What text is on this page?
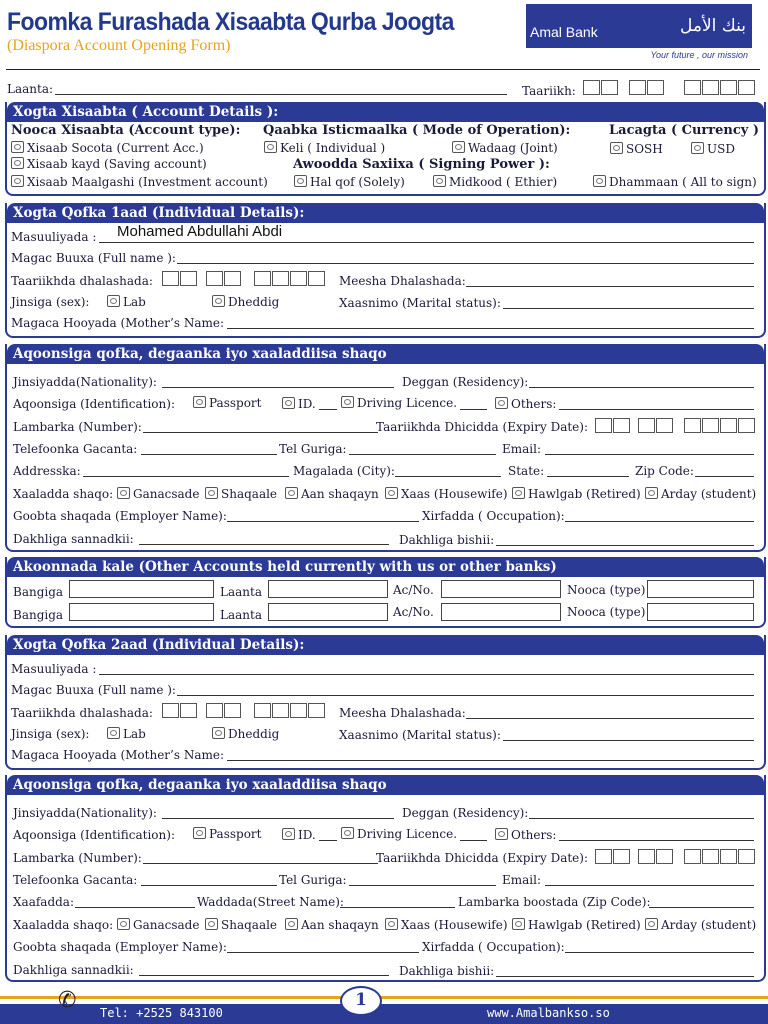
Foomka Furashada Xisaabta Qurba Joogta
(Diaspora Account Opening Form)
Amal Bank	بنك الأمل
Your future , our mission
Laanta:	Taariikh:
Xogta Xisaabta ( Account Details ):
Nooca Xisaabta (Account type):
Xisaab Socota (Current Acc.)
Xisaab kayd (Saving account)
Xisaab Maalgashi (Investment account)
Qaabka Isticmaalka ( Mode of Operation):
Keli ( Individual )	Wadaag (Joint)
Awoodda Saxiixa ( Signing Power ):
Hal qof (Solely)	Midkood ( Ethier)	Dhammaan ( All to sign)
Lacagta ( Currency )
SOSH	USD
Xogta Qofka 1aad (Individual Details):
Masuuliyada : Mohamed Abdullahi Abdi
Magac Buuxa (Full name ):
Taariikhda dhalashada:	Meesha Dhalashada:
Jinsiga (sex):	Lab	Dheddig	Xaasnimo (Marital status):
Magaca Hooyada (Mother’s Name:
Aqoonsiga qofka, degaanka iyo xaaladdiisa shaqo
Jinsiyadda(Nationality):	Deggan (Residency):
Aqoonsiga (Identification):	Passport	ID.	Driving Licence.	Others:
Lambarka (Number):	Taariikhda Dhicidda (Expiry Date):
Telefoonka Gacanta:	Tel Guriga:	Email:
Addresska:	Magalada (City):	State:	Zip Code:
Xaaladda shaqo:	Ganacsade	Shaqaale	Aan shaqayn	Xaas (Housewife)	Hawlgab (Retired)	Arday (student)
Goobta shaqada (Employer Name):	Xirfadda ( Occupation):
Dakhliga sannadkii:	Dakhliga bishii:
Akoonnada kale (Other Accounts held currently with us or other banks)
Bangiga	Laanta	Ac/No.	Nooca (type)
Bangiga	Laanta	Ac/No.	Nooca (type)
Xogta Qofka 2aad (Individual Details):
Masuuliyada :
Magac Buuxa (Full name ):
Taariikhda dhalashada:	Meesha Dhalashada:
Jinsiga (sex):	Lab	Dheddig	Xaasnimo (Marital status):
Magaca Hooyada (Mother’s Name:
Aqoonsiga qofka, degaanka iyo xaaladdiisa shaqo
Jinsiyadda(Nationality):	Deggan (Residency):
Aqoonsiga (Identification):	Passport	ID.	Driving Licence.	Others:
Lambarka (Number):	Taariikhda Dhicidda (Expiry Date):
Telefoonka Gacanta:	Tel Guriga:	Email:
Xaafadda:	Waddada(Street Name):	Lambarka boostada (Zip Code):
Xaaladda shaqo:	Ganacsade	Shaqaale	Aan shaqayn	Xaas (Housewife)	Hawlgab (Retired)	Arday (student)
Goobta shaqada (Employer Name):	Xirfadda ( Occupation):
Dakhliga sannadkii:	Dakhliga bishii:
✆ Tel: +2525 843100
1
www.Amalbankso.so
